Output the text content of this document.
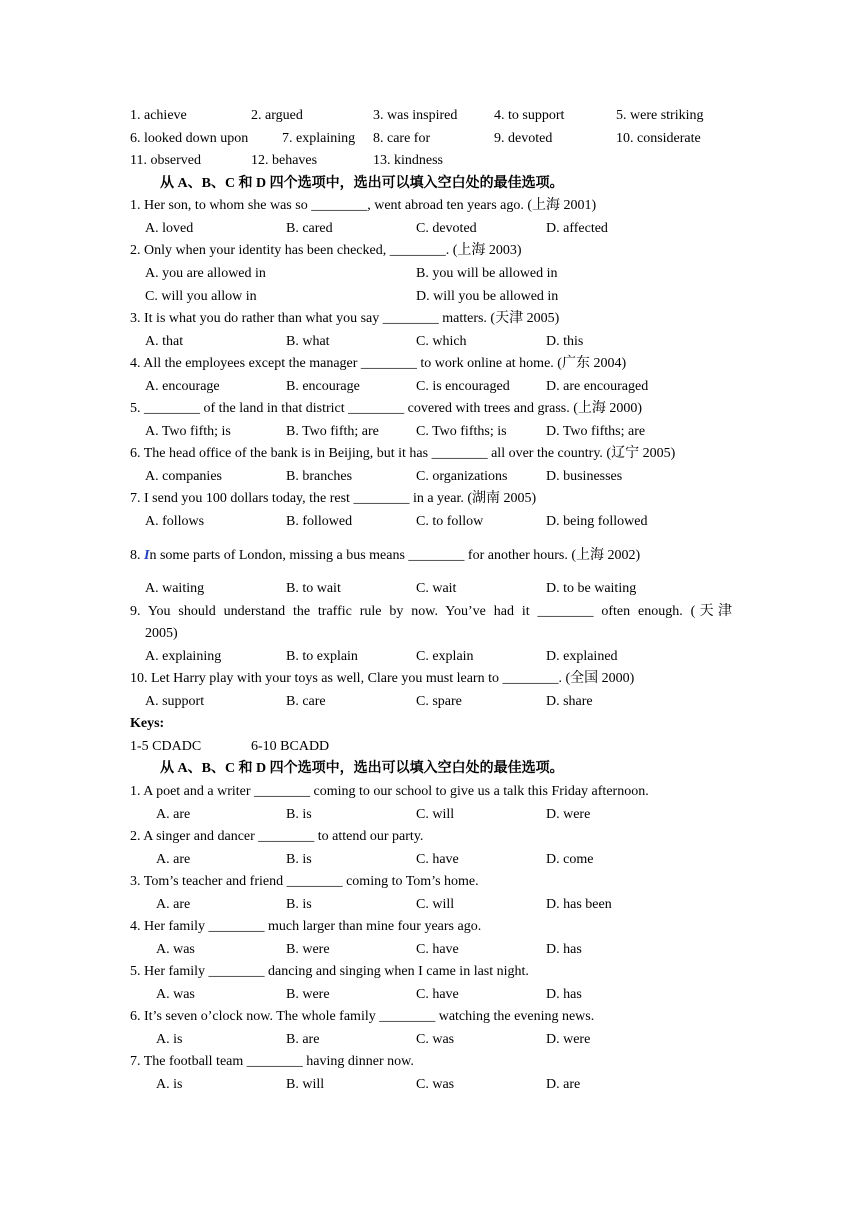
1. achieve	2. argued	3. was inspired	4. to support	5. were striking
6. looked down upon 7. explaining 8. care for	9. devoted	10. considerate
11. observed	12. behaves	13. kindness
从 A、B、C 和 D 四个选项中，选出可以填入空白处的最佳选项。
1. Her son, to whom she was so ________, went abroad ten years ago. (上海 2001)
A. loved	B. cared	C. devoted	D. affected
2. Only when your identity has been checked, ________. (上海 2003)
A. you are allowed in	B. you will be allowed in
C. will you allow in	D. will you be allowed in
3. It is what you do rather than what you say ________ matters. (天津 2005)
A. that	B. what	C. which	D. this
4. All the employees except the manager ________ to work online at home. (广东 2004)
A. encourage	B. encourage	C. is encouraged	D. are encouraged
5. ________ of the land in that district ________ covered with trees and grass. (上海 2000)
A. Two fifth; is	B. Two fifth; are	C. Two fifths; is	D. Two fifths; are
6. The head office of the bank is in Beijing, but it has ________ all over the country. (辽宁 2005)
A. companies	B. branches	C. organizations	D. businesses
7. I send you 100 dollars today, the rest ________ in a year. (湖南 2005)
A. follows	B. followed	C. to follow	D. being followed
8. In some parts of London, missing a bus means ________ for another hours. (上海 2002)
A. waiting	B. to wait	C. wait	D. to be waiting
9. You should understand the traffic rule by now. You’ve had it ________ often enough. (天津
2005)
A. explaining	B. to explain	C. explain	D. explained
10. Let Harry play with your toys as well, Clare you must learn to ________. (全国 2000)
A. support	B. care	C. spare	D. share
Keys:
1-5 CDADC	6-10 BCADD
从 A、B、C 和 D 四个选项中，选出可以填入空白处的最佳选项。
1. A poet and a writer ________ coming to our school to give us a talk this Friday afternoon.
A. are	B. is	C. will	D. were
2. A singer and dancer ________ to attend our party.
A. are	B. is	C. have	D. come
3. Tom’s teacher and friend ________ coming to Tom’s home.
A. are	B. is	C. will	D. has been
4. Her family ________ much larger than mine four years ago.
A. was	B. were	C. have	D. has
5. Her family ________ dancing and singing when I came in last night.
A. was	B. were	C. have	D. has
6. It’s seven o’clock now. The whole family ________ watching the evening news.
A. is	B. are	C. was	D. were
7. The football team ________ having dinner now.
A. is	B. will	C. was	D. are
